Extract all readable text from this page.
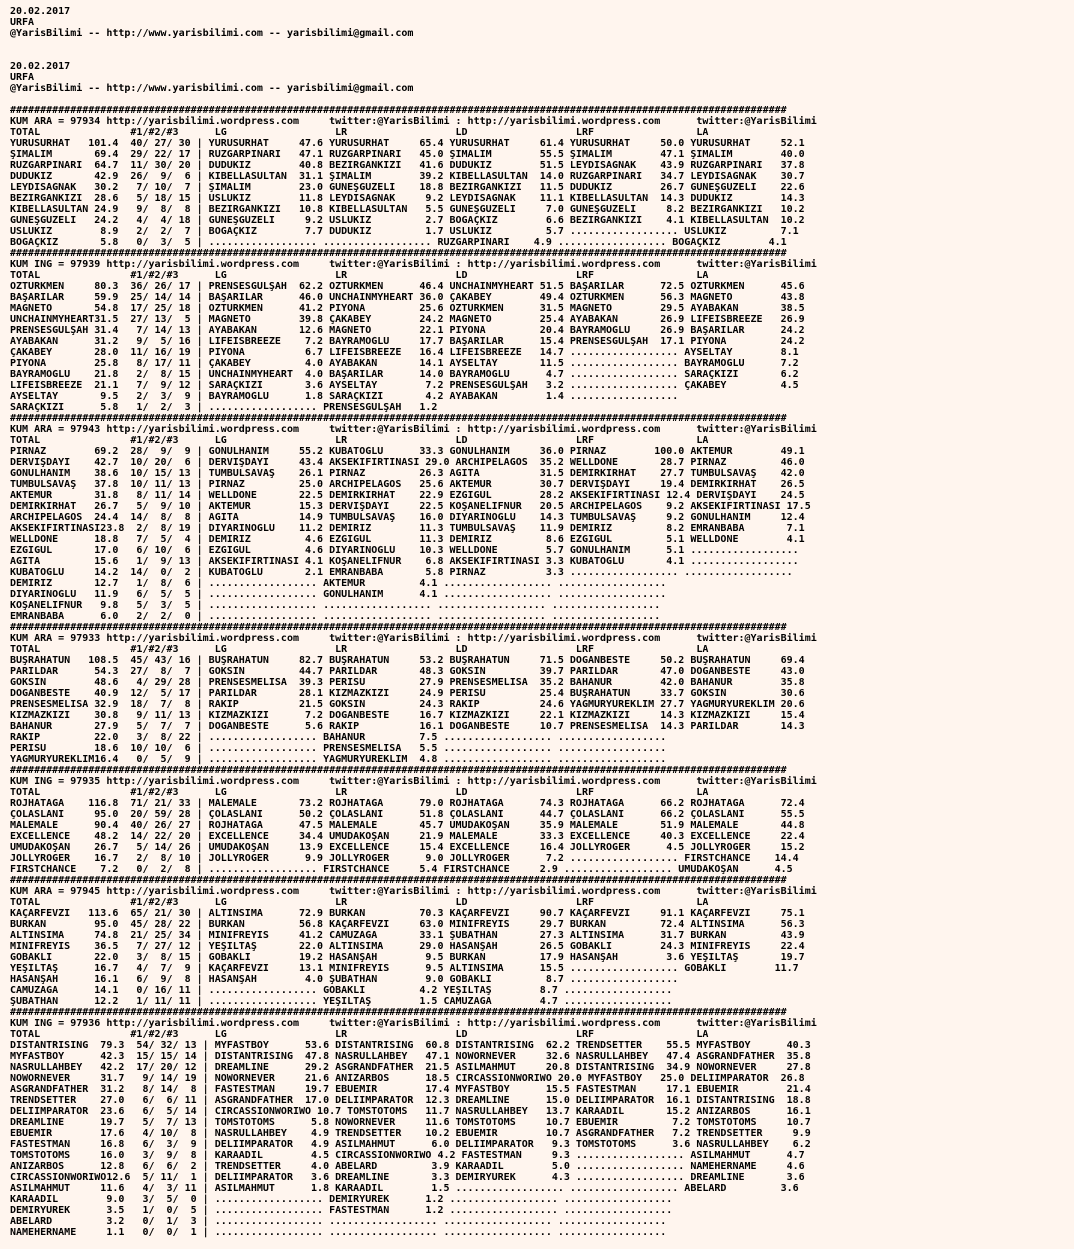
20.02.2017
URFA
@YarisBilimi -- http://www.yarisbilimi.com -- yarisbilimi@gmail.com

20.02.2017
URFA
@YarisBilimi -- http://www.yarisbilimi.com -- yarisbilimi@gmail.com

#################################################################################################################################
KUM ARA = 97934 http://yarisbilimi.wordpress.com     twitter:@YarisBilimi : http://yarisbilimi.wordpress.com      twitter:@YarisBilimi
TOTAL               #1/#2/#3      LG                  LR                  LD                  LRF                 LA
YURÜSURHAT   101.4  40/ 27/ 30 | YURÜSURHAT     47.6 YURÜSURHAT     65.4 YURÜSURHAT     61.4 YURÜSURHAT     50.0 YURÜSURHAT     52.1
ŞİMALİM       69.4  29/ 22/ 17 | RÜZGARPINARI   47.1 RÜZGARPINARI   45.0 ŞİMALİM        55.5 ŞİMALİM        47.1 ŞİMALİM        40.0
RÜZGARPINARI  64.7  11/ 30/ 20 | DUDUKİZ        40.8 BEZİRGANKIZI   41.6 DUDUKİZ        51.5 LEYDİSAĞNAK    43.9 RÜZGARPINARI   37.8
DUDUKİZ       42.9  26/  9/  6 | KİBELLASULTAN  31.1 ŞİMALİM        39.2 KİBELLASULTAN  14.0 RÜZGARPINARI   34.7 LEYDİSAĞNAK    30.7
LEYDİSAĞNAK   30.2   7/ 10/  7 | ŞİMALİM        23.0 GÜNEŞGÜZELİ    18.8 BEZİRGANKIZI   11.5 DUDUKİZ        26.7 GÜNEŞGÜZELİ    22.6
BEZİRGANKIZI  28.6   5/ 18/ 15 | ÜSLÜKIZ        11.8 LEYDİSAĞNAK     9.2 LEYDİSAĞNAK    11.1 KİBELLASULTAN  14.3 DUDUKİZ        14.3
KİBELLASULTAN 24.9   9/  8/  8 | BEZİRGANKIZI   10.8 KİBELLASULTAN   5.5 GÜNEŞGÜZELİ     7.0 GÜNEŞGÜZELİ     8.2 BEZİRGANKIZI   10.2
GÜNEŞGÜZELİ   24.2   4/  4/ 18 | GÜNEŞGÜZELİ     9.2 ÜSLÜKIZ         2.7 BOĞAÇKIZ        6.6 BEZİRGANKIZI    4.1 KİBELLASULTAN  10.2
ÜSLÜKIZ        8.9   2/  2/  7 | BOĞAÇKIZ        7.7 DUDUKİZ         1.7 ÜSLÜKIZ         5.7 .................. ÜSLÜKIZ         7.1
BOĞAÇKIZ       5.8   0/  3/  5 | .................. .................. RÜZGARPINARI    4.9 .................. BOĞAÇKIZ        4.1
#################################################################################################################################
KUM İNG = 97939 http://yarisbilimi.wordpress.com     twitter:@YarisBilimi : http://yarisbilimi.wordpress.com      twitter:@YarisBilimi
TOTAL               #1/#2/#3      LG                  LR                  LD                  LRF                 LA
ÖZTÜRKMEN     80.3  36/ 26/ 17 | PRENSESGÜLŞAH  62.2 ÖZTÜRKMEN      46.4 UNCHAINMYHEART 51.5 BAŞARILAR      72.5 ÖZTÜRKMEN      45.6
BAŞARILAR     59.9  25/ 14/ 14 | BAŞARILAR      46.0 UNCHAINMYHEART 36.0 ÇAKABEY        49.4 ÖZTÜRKMEN      56.3 MAGNETO        43.8
MAGNETO       54.8  17/ 25/ 18 | ÖZTÜRKMEN      41.2 PİYONA         25.6 ÖZTÜRKMEN      31.5 MAGNETO        29.5 AYABAKAN       38.5
UNCHAINMYHEART31.5  27/ 13/  5 | MAGNETO        39.8 ÇAKABEY        24.2 MAGNETO        25.4 AYABAKAN       26.9 LIFEISBREEZE   26.9
PRENSESGÜLŞAH 31.4   7/ 14/ 13 | AYABAKAN       12.6 MAGNETO        22.1 PİYONA         20.4 BAYRAMOĞLU     26.9 BAŞARILAR      24.2
AYABAKAN      31.2   9/  5/ 16 | LIFEISBREEZE    7.2 BAYRAMOĞLU     17.7 BAŞARILAR      15.4 PRENSESGÜLŞAH  17.1 PİYONA         24.2
ÇAKABEY       28.0  11/ 16/ 19 | PİYONA          6.7 LIFEISBREEZE   16.4 LIFEISBREEZE   14.7 .................. AYSELTAY        8.1
PİYONA        25.8   8/ 17/ 11 | ÇAKABEY         4.0 AYABAKAN       14.1 AYSELTAY       11.5 .................. BAYRAMOĞLU      7.2
BAYRAMOĞLU    21.8   2/  8/ 15 | UNCHAINMYHEART  4.0 BAŞARILAR      14.0 BAYRAMOĞLU      4.7 .................. SARAÇKIZI       6.2
LIFEISBREEZE  21.1   7/  9/ 12 | SARAÇKIZI       3.6 AYSELTAY        7.2 PRENSESGÜLŞAH   3.2 .................. ÇAKABEY         4.5
AYSELTAY       9.5   2/  3/  9 | BAYRAMOĞLU      1.8 SARAÇKIZI       4.2 AYABAKAN        1.4 ..................
SARAÇKIZI      5.8   1/  2/  3 | .................. PRENSESGÜLŞAH   1.2
#################################################################################################################################
KUM ARA = 97943 http://yarisbilimi.wordpress.com     twitter:@YarisBilimi : http://yarisbilimi.wordpress.com      twitter:@YarisBilimi
TOTAL               #1/#2/#3      LG                  LR                  LD                  LRF                 LA
PİRNAZ        69.2  28/  9/  9 | GÖNÜLHANIM     55.2 KUBATOĞLU      33.3 GÖNÜLHANIM     36.0 PİRNAZ        100.0 AKTEMUR        49.1
DERVİŞDAYI    42.7  10/ 20/  6 | DERVİŞDAYI     43.4 AKSEKİFIRTINASI 29.0 ARCHIPELAGOS  35.2 WELLDONE       28.7 PİRNAZ         46.0
GÖNÜLHANIM    38.6  10/ 15/ 13 | TUMBULSAVAŞ    26.1 PİRNAZ         26.3 AĞITA          31.5 DEMİRKIRHAT    27.7 TUMBULSAVAŞ    42.0
TUMBULSAVAŞ   37.8  10/ 11/ 13 | PİRNAZ         25.0 ARCHIPELAGOS   25.6 AKTEMUR        30.7 DERVİŞDAYI     19.4 DEMİRKIRHAT    26.5
AKTEMUR       31.8   8/ 11/ 14 | WELLDONE       22.5 DEMİRKIRHAT    22.9 EZGİGÜL        28.2 AKSEKİFIRTINASI 12.4 DERVİŞDAYI    24.5
DEMİRKIRHAT   26.7   5/  9/ 10 | AKTEMUR        15.3 DERVİŞDAYI     22.5 KOŞANELİFNUR   20.5 ARCHIPELAGOS    9.2 AKSEKİFIRTINASI 17.5
ARCHIPELAGOS  24.4  14/  8/  8 | AĞITA          14.9 TUMBULSAVAŞ    16.0 DİYARINOĞLU    14.3 TUMBULSAVAŞ     9.2 GÖNÜLHANIM     12.4
AKSEKİFIRTINASI23.8  2/  8/ 19 | DİYARINOĞLU    11.2 DEMİRİZ        11.3 TUMBULSAVAŞ    11.9 DEMİRİZ         8.2 EMRANBABA       7.1
WELLDONE      18.8   7/  5/  4 | DEMİRİZ         4.6 EZGİGÜL        11.3 DEMİRİZ         8.6 EZGİGÜL         5.1 WELLDONE        4.1
EZGİGÜL       17.0   6/ 10/  6 | EZGİGÜL         4.6 DİYARINOĞLU    10.3 WELLDONE        5.7 GÖNÜLHANIM      5.1 ..................
AĞITA         15.6   1/  9/ 13 | AKSEKİFIRTINASI 4.1 KOŞANELİFNUR    6.8 AKSEKİFIRTINASI 3.3 KUBATOĞLU       4.1 ..................
KUBATOĞLU     14.2  14/  0/  2 | KUBATOĞLU       2.1 EMRANBABA       5.8 PİRNAZ          3.3 .................. ..................
DEMİRİZ       12.7   1/  8/  6 | .................. AKTEMUR         4.1 .................. ..................
DİYARINOĞLU   11.9   6/  5/  5 | .................. GÖNÜLHANIM      4.1 .................. ..................
KOŞANELİFNUR   9.8   5/  3/  5 | .................. .................. .................. ..................
EMRANBABA      6.0   2/  2/  0 | .................. .................. .................. ..................
#################################################################################################################################
KUM ARA = 97933 http://yarisbilimi.wordpress.com     twitter:@YarisBilimi : http://yarisbilimi.wordpress.com      twitter:@YarisBilimi
TOTAL               #1/#2/#3      LG                  LR                  LD                  LRF                 LA
BUŞRAHATUN   108.5  45/ 43/ 16 | BUŞRAHATUN     82.7 BUŞRAHATUN     53.2 BUŞRAHATUN     71.5 DOGANBESTE     50.2 BUŞRAHATUN     69.4
PARILDAR      54.3  27/  8/  7 | GÖKSİN         44.7 PARILDAR       48.3 GÖKSİN         39.7 PARILDAR       47.0 DOGANBESTE     43.0
GÖKSİN        48.6   4/ 29/ 28 | PRENSESMELİSA  39.3 PERİSU         27.9 PRENSESMELİSA  35.2 BAHANUR        42.0 BAHANUR        35.8
DOGANBESTE    40.9  12/  5/ 17 | PARILDAR       28.1 KIZMAZKIZI     24.9 PERİSU         25.4 BUŞRAHATUN     33.7 GÖKSİN         30.6
PRENSESMELİSA 32.9  18/  7/  8 | RAKİP          21.5 GÖKSİN         24.3 RAKİP          24.6 YAĞMURYÜREKLİM 27.7 YAĞMURYÜREKLİM 20.6
KIZMAZKIZI    30.8   9/ 11/ 13 | KIZMAZKIZI      7.2 DOGANBESTE     16.7 KIZMAZKIZI     22.1 KIZMAZKIZI     14.3 KIZMAZKIZI     15.4
BAHANUR       27.9   5/  7/  7 | DOGANBESTE      5.6 RAKİP          16.1 DOGANBESTE     10.7 PRENSESMELİSA  14.3 PARILDAR       14.3
RAKİP         22.0   3/  8/ 22 | .................. BAHANUR         7.5 .................. ..................
PERİSU        18.6  10/ 10/  6 | .................. PRENSESMELİSA   5.5 .................. ..................
YAĞMURYÜREKLİM16.4   0/  5/  9 | .................. YAĞMURYÜREKLİM  4.8 .................. ..................
#################################################################################################################################
KUM İNG = 97935 http://yarisbilimi.wordpress.com     twitter:@YarisBilimi : http://yarisbilimi.wordpress.com      twitter:@YarisBilimi
TOTAL               #1/#2/#3      LG                  LR                  LD                  LRF                 LA
ROJHATAĞA    116.8  71/ 21/ 33 | MALEMALE       73.2 ROJHATAĞA      79.0 ROJHATAĞA      74.3 ROJHATAĞA      66.2 ROJHATAĞA      72.4
ÇOLASLANI     95.0  20/ 59/ 28 | ÇOLASLANI      50.2 ÇOLASLANI      51.8 ÇOLASLANI      44.7 ÇOLASLANI      66.2 ÇOLASLANI      55.5
MALEMALE      90.4  40/ 26/ 27 | ROJHATAĞA      47.5 MALEMALE       45.7 UMUDAKOŞAN     35.9 MALEMALE       51.9 MALEMALE       44.8
EXCELLENCE    48.2  14/ 22/ 20 | EXCELLENCE     34.4 UMUDAKOŞAN     21.9 MALEMALE       33.3 EXCELLENCE     40.3 EXCELLENCE     22.4
UMUDAKOŞAN    26.7   5/ 14/ 26 | UMUDAKOŞAN     13.9 EXCELLENCE     15.4 EXCELLENCE     16.4 JOLLYROGER      4.5 JOLLYROGER     15.2
JOLLYROGER    16.7   2/  8/ 10 | JOLLYROGER      9.9 JOLLYROGER      9.0 JOLLYROGER      7.2 .................. FIRSTCHANCE    14.4
FIRSTCHANCE    7.2   0/  2/  8 | .................. FIRSTCHANCE     5.4 FIRSTCHANCE     2.9 .................. UMUDAKOŞAN      4.5
#################################################################################################################################
KUM ARA = 97945 http://yarisbilimi.wordpress.com     twitter:@YarisBilimi : http://yarisbilimi.wordpress.com      twitter:@YarisBilimi
TOTAL               #1/#2/#3      LG                  LR                  LD                  LRF                 LA
KAÇARFEVZİ   113.6  65/ 21/ 30 | ALTINSİMA      72.9 BURKAN         70.3 KAÇARFEVZİ     90.7 KAÇARFEVZİ     91.1 KAÇARFEVZİ     75.1
BURKAN        95.0  45/ 28/ 22 | BURKAN         56.8 KAÇARFEVZİ     63.0 MİNİFREYİS     29.7 BURKAN         72.4 ALTINSİMA      56.3
ALTINSİMA     74.8  21/ 25/ 34 | MİNİFREYİS     41.2 CAMUZAĞA       33.1 ŞUBATHAN       27.3 ALTINSİMA      31.7 BURKAN         43.9
MİNİFREYİS    36.5   7/ 27/ 12 | YEŞİLTAŞ       22.0 ALTINSİMA      29.0 HASANŞAH       26.5 GOBAKLI        24.3 MİNİFREYİS     22.4
GOBAKLI       22.0   3/  8/ 15 | GOBAKLI        19.2 HASANŞAH        9.5 BURKAN         17.9 HASANŞAH        3.6 YEŞİLTAŞ       19.7
YEŞİLTAŞ      16.7   4/  7/  9 | KAÇARFEVZİ     13.1 MİNİFREYİS      9.5 ALTINSİMA      15.5 .................. GOBAKLI        11.7
HASANŞAH      16.1   6/  9/  8 | HASANŞAH        4.0 ŞUBATHAN        9.0 GOBAKLI         8.7 ..................
CAMUZAĞA      14.1   0/ 16/ 11 | .................. GOBAKLI         4.2 YEŞİLTAŞ        8.7 ..................
ŞUBATHAN      12.2   1/ 11/ 11 | .................. YEŞİLTAŞ        1.5 CAMUZAĞA        4.7 ..................
#################################################################################################################################
KUM İNG = 97936 http://yarisbilimi.wordpress.com     twitter:@YarisBilimi : http://yarisbilimi.wordpress.com      twitter:@YarisBilimi
TOTAL               #1/#2/#3      LG                  LR                  LD                  LRF                 LA
DISTANTRISING  79.3  54/ 32/ 13 | MYFASTBOY      53.6 DISTANTRISING  60.8 DISTANTRISING  62.2 TRENDSETTER    55.5 MYFASTBOY      40.3
MYFASTBOY      42.3  15/ 15/ 14 | DISTANTRISING  47.8 NASRULLAHBEY   47.1 NOWORNEVER     32.6 NASRULLAHBEY   47.4 ASGRANDFATHER  35.8
NASRULLAHBEY   42.2  17/ 20/ 12 | DREAMLINE      29.2 ASGRANDFATHER  21.5 ASILMAHMUT     20.8 DISTANTRISING  34.9 NOWORNEVER     27.8
NOWORNEVER     31.7   9/ 14/ 19 | NOWORNEVER     21.6 ANIZARBOS      18.5 CIRCASSIONWORIWO 20.0 MYFASTBOY   25.0 DELIIMPARATOR  26.8
ASGRANDFATHER  31.2   8/ 14/  8 | FASTESTMAN     19.7 EBUEMİR        17.4 MYFASTBOY      15.5 FASTESTMAN     17.1 EBUEMİR        21.4
TRENDSETTER    27.0   6/  6/ 11 | ASGRANDFATHER  17.0 DELIIMPARATOR  12.3 DREAMLINE      15.0 DELIIMPARATOR  16.1 DISTANTRISING  18.8
DELIIMPARATOR  23.6   6/  5/ 14 | CIRCASSIONWORIWO 10.7 TOMSTOTOMS   11.7 NASRULLAHBEY   13.7 KARAADİL       15.2 ANIZARBOS      16.1
DREAMLINE      19.7   5/  7/ 13 | TOMSTOTOMS      5.8 NOWORNEVER     11.6 TOMSTOTOMS     10.7 EBUEMİR         7.2 TOMSTOTOMS     10.7
EBUEMİR        17.6   4/ 10/  8 | NASRULLAHBEY    4.9 TRENDSETTER    10.2 EBUEMİR        10.7 ASGRANDFATHER   7.2 TRENDSETTER     9.9
FASTESTMAN     16.8   6/  3/  9 | DELIIMPARATOR   4.9 ASILMAHMUT      6.0 DELIIMPARATOR   9.3 TOMSTOTOMS      3.6 NASRULLAHBEY    6.2
TOMSTOTOMS     16.0   3/  9/  8 | KARAADİL        4.5 CIRCASSIONWORIWO 4.2 FASTESTMAN     9.3 .................. ASILMAHMUT      4.7
ANIZARBOS      12.8   6/  6/  2 | TRENDSETTER     4.0 ABELARD         3.9 KARAADİL        5.0 .................. NAMEHERNAME     4.6
CIRCASSIONWORIWO12.6  5/ 11/  1 | DELIIMPARATOR   3.6 DREAMLINE       3.3 DEMİRYÜREK      4.3 .................. DREAMLINE       3.6
ASILMAHMUT     11.6   4/  3/ 11 | ASILMAHMUT      1.8 KARAADİL        1.5 .................. .................. ABELARD         3.6
KARAADİL        9.0   3/  5/  0 | .................. DEMİRYÜREK      1.2 .................. ..................
DEMİRYÜREK      3.5   1/  0/  5 | .................. FASTESTMAN      1.2 .................. ..................
ABELARD         3.2   0/  1/  3 | .................. .................. .................. ..................
NAMEHERNAME     1.1   0/  0/  1 | .................. .................. .................. ..................
